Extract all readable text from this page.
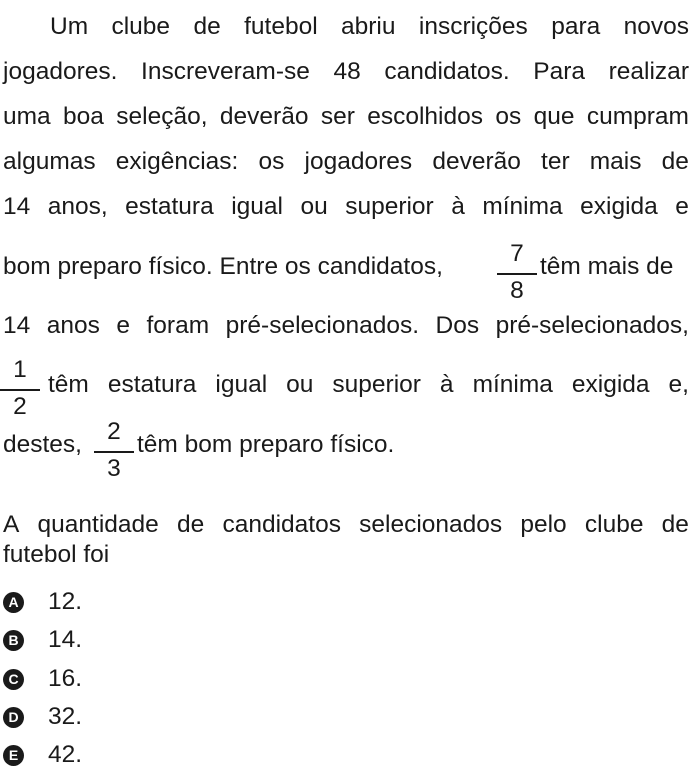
Um clube de futebol abriu inscrições para novos
jogadores. Inscreveram-se 48 candidatos. Para realizar
uma boa seleção, deverão ser escolhidos os que cumpram
algumas exigências: os jogadores deverão ter mais de
14 anos, estatura igual ou superior à mínima exigida e
bom preparo físico. Entre os candidatos,	7
8
têm mais de
14 anos e foram pré-selecionados. Dos pré-selecionados,
1
2
têm estatura igual ou superior à mínima exigida e,
destes,	2
3
têm bom preparo físico.
A quantidade de candidatos selecionados pelo clube de
futebol foi
A 12.
B 14.
C 16.
D 32.
E 42.
